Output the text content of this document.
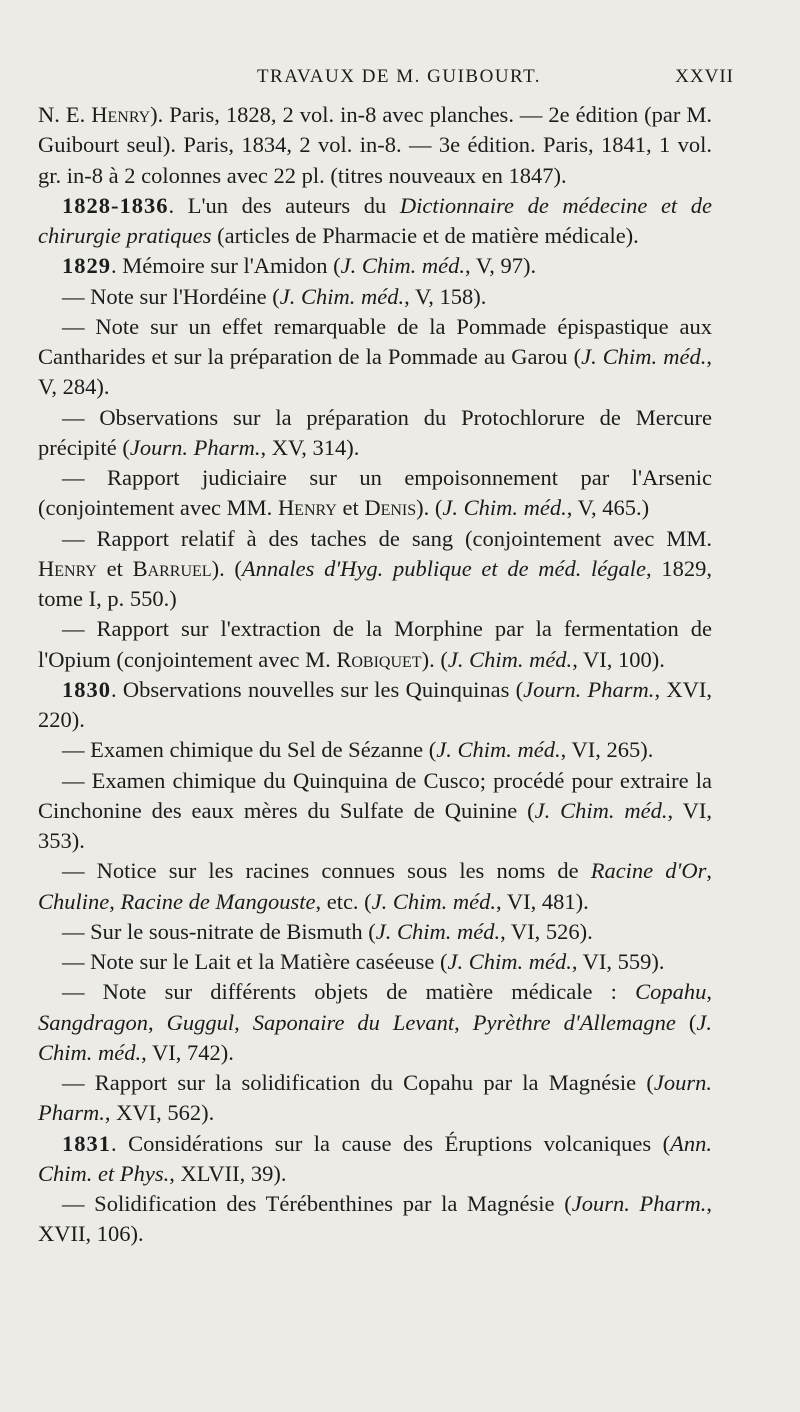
TRAVAUX DE M. GUIBOURT.	XXVII

N. E. Henry). Paris, 1828, 2 vol. in-8 avec planches. — 2e édition (par M. Guibourt seul). Paris, 1834, 2 vol. in-8. — 3e édition. Paris, 1841, 1 vol. gr. in-8 à 2 colonnes avec 22 pl. (titres nouveaux en 1847).

1828-1836. L'un des auteurs du Dictionnaire de médecine et de chirurgie pratiques (articles de Pharmacie et de matière médicale).

1829. Mémoire sur l'Amidon (J. Chim. méd., V, 97).

— Note sur l'Hordéine (J. Chim. méd., V, 158).

— Note sur un effet remarquable de la Pommade épispastique aux Cantharides et sur la préparation de la Pommade au Garou (J. Chim. méd., V, 284).

— Observations sur la préparation du Protochlorure de Mercure précipité (Journ. Pharm., XV, 314).

— Rapport judiciaire sur un empoisonnement par l'Arsenic (conjointement avec MM. Henry et Denis). (J. Chim. méd., V, 465.)

— Rapport relatif à des taches de sang (conjointement avec MM. Henry et Barruel). (Annales d'Hyg. publique et de méd. légale, 1829, tome I, p. 550.)

— Rapport sur l'extraction de la Morphine par la fermentation de l'Opium (conjointement avec M. Robiquet). (J. Chim. méd., VI, 100).

1830. Observations nouvelles sur les Quinquinas (Journ. Pharm., XVI, 220).

— Examen chimique du Sel de Sézanne (J. Chim. méd., VI, 265).

— Examen chimique du Quinquina de Cusco; procédé pour extraire la Cinchonine des eaux mères du Sulfate de Quinine (J. Chim. méd., VI, 353).

— Notice sur les racines connues sous les noms de Racine d'Or, Chuline, Racine de Mangouste, etc. (J. Chim. méd., VI, 481).

— Sur le sous-nitrate de Bismuth (J. Chim. méd., VI, 526).

— Note sur le Lait et la Matière caséeuse (J. Chim. méd., VI, 559).

— Note sur différents objets de matière médicale : Copahu, Sangdragon, Guggul, Saponaire du Levant, Pyrèthre d'Allemagne (J. Chim. méd., VI, 742).

— Rapport sur la solidification du Copahu par la Magnésie (Journ. Pharm., XVI, 562).

1831. Considérations sur la cause des Éruptions volcaniques (Ann. Chim. et Phys., XLVII, 39).

— Solidification des Térébenthines par la Magnésie (Journ. Pharm., XVII, 106).
